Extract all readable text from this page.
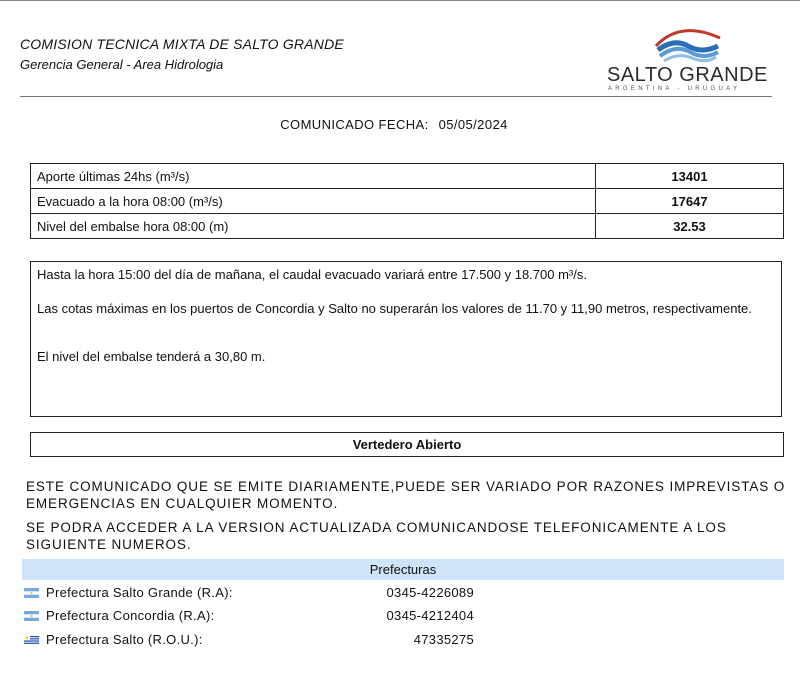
COMISION TECNICA MIXTA DE SALTO GRANDE
Gerencia General - Area Hidrologia	SALTO GRANDE
ARGENTINA - URUGUAY
COMUNICADO FECHA: 05/05/2024
Aporte últimas 24hs (m³/s)	13401
Evacuado a la hora 08:00 (m³/s)	17647
Nivel del embalse hora 08:00 (m)	32.53

Hasta la hora 15:00 del día de mañana, el caudal evacuado variará entre 17.500 y 18.700 m³/s.

Las cotas máximas en los puertos de Concordia y Salto no superarán los valores de 11.70 y 11,90 metros, respectivamente.

El nivel del embalse tenderá a 30,80 m.

Vertedero Abierto
ESTE COMUNICADO QUE SE EMITE DIARIAMENTE,PUEDE SER VARIADO POR RAZONES IMPREVISTAS O EMERGENCIAS EN CUALQUIER MOMENTO.
SE PODRA ACCEDER A LA VERSION ACTUALIZADA COMUNICANDOSE TELEFONICAMENTE A LOS SIGUIENTE NUMEROS.
Prefecturas
Prefectura Salto Grande (R.A):	0345-4226089
Prefectura Concordia (R.A):	0345-4212404
Prefectura Salto (R.O.U.):	47335275
